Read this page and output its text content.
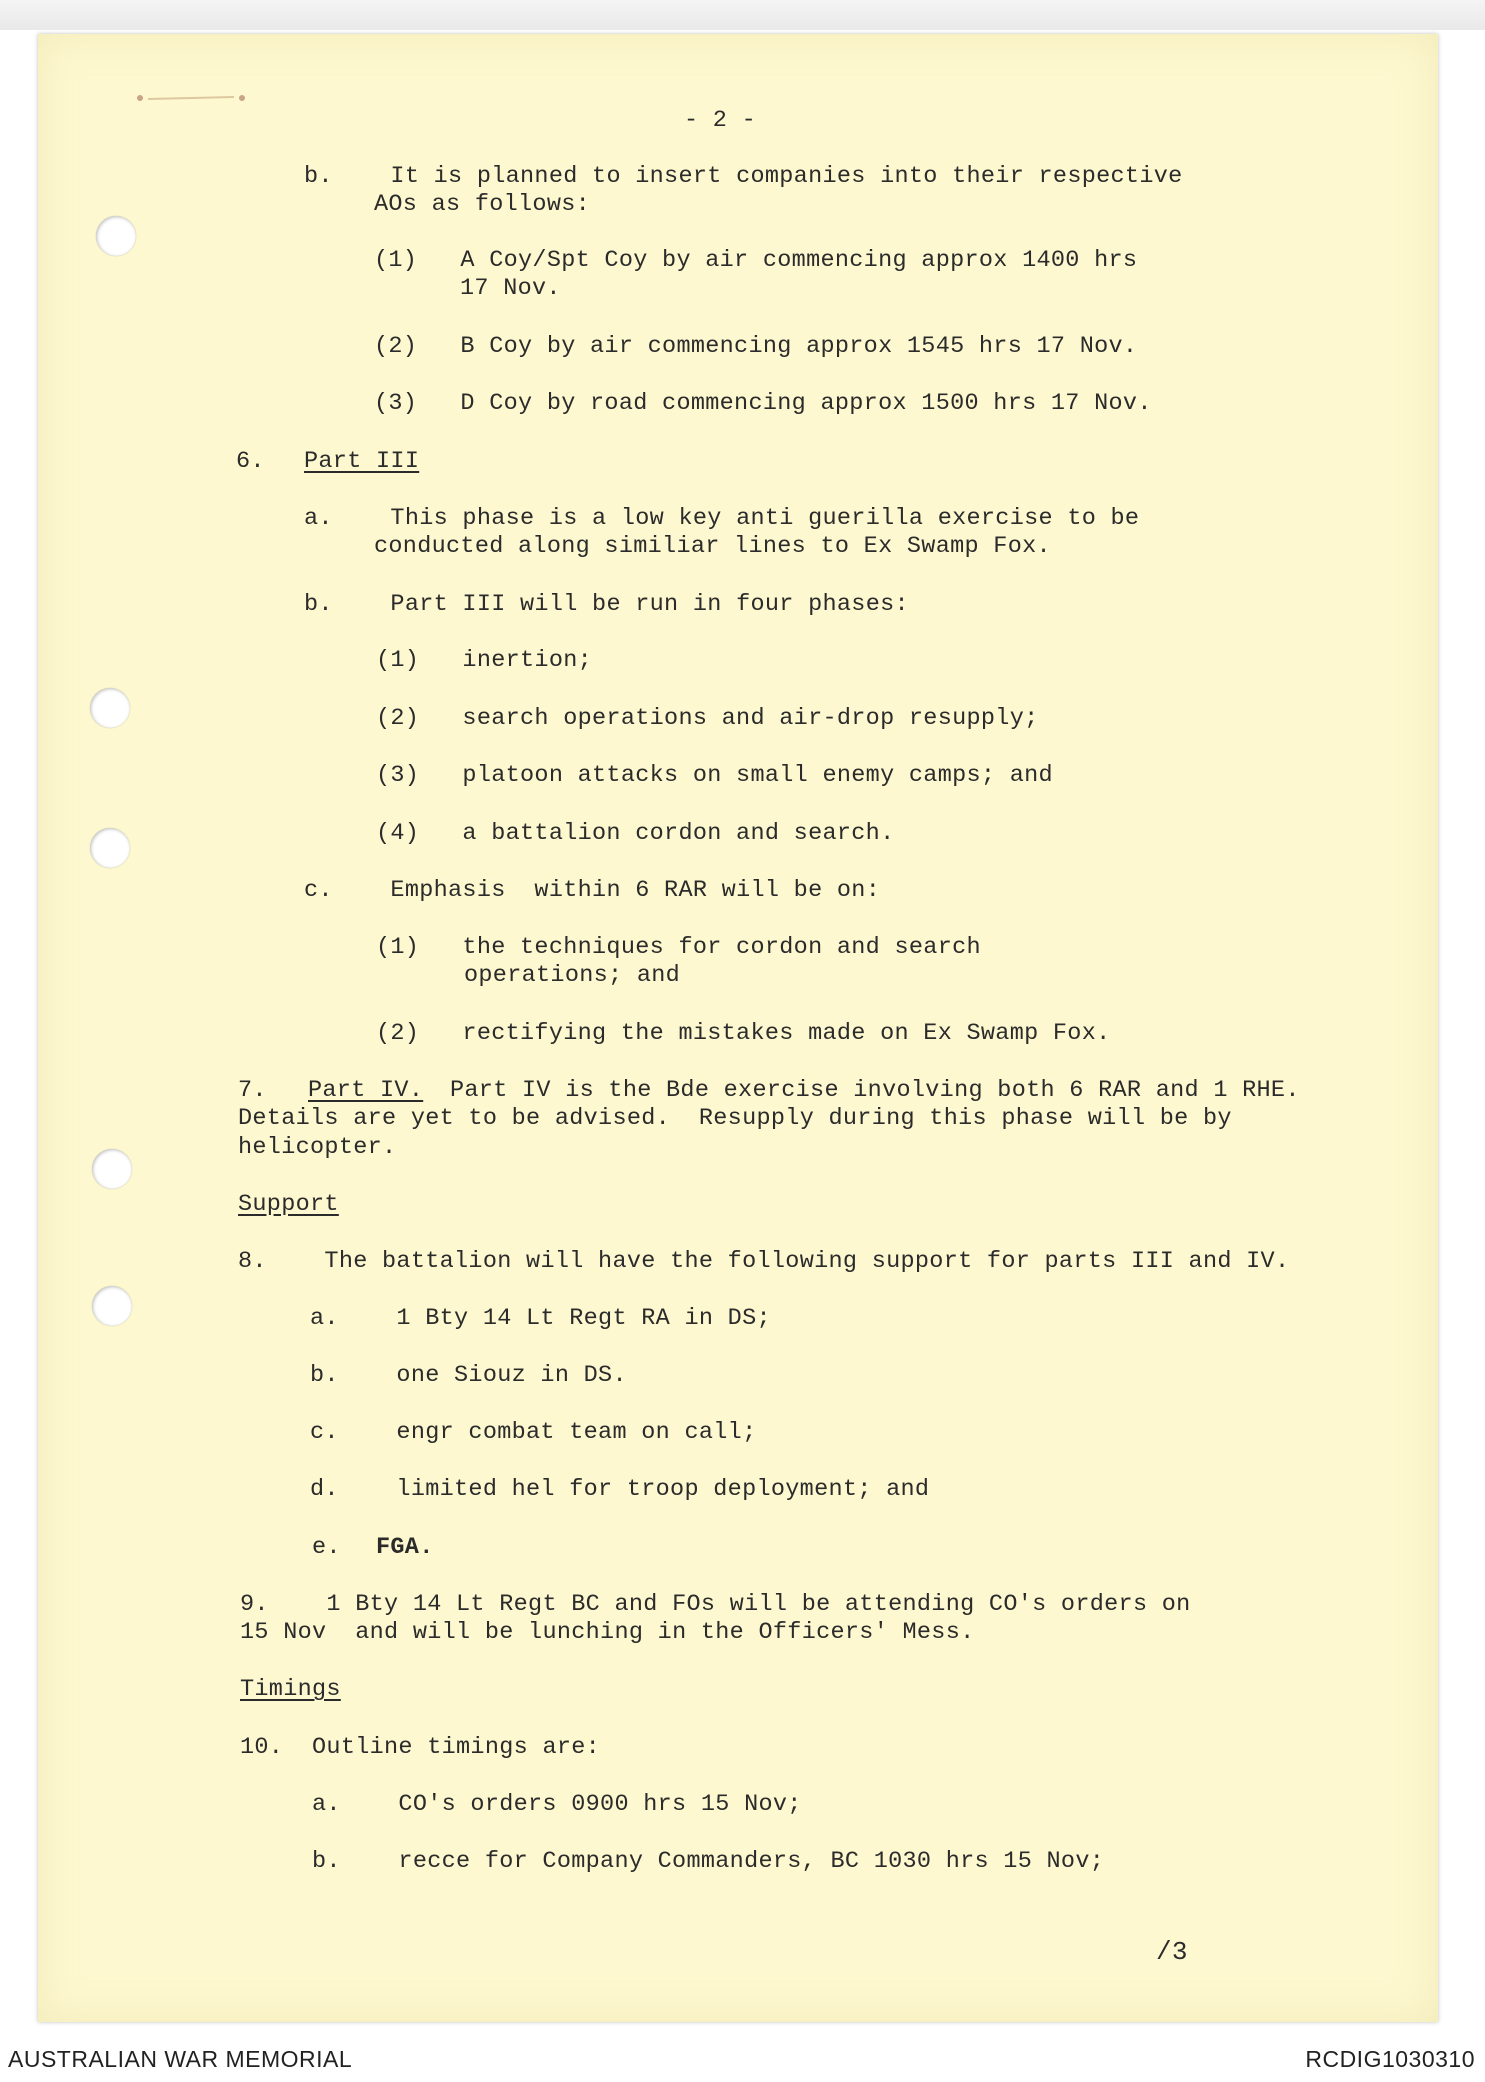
- 2 -

b.    It is planned to insert companies into their respective

AOs as follows:

(1)   A Coy/Spt Coy by air commencing approx 1400 hrs

17 Nov.

(2)   B Coy by air commencing approx 1545 hrs 17 Nov.

(3)   D Coy by road commencing approx 1500 hrs 17 Nov.

6. Part III

a.    This phase is a low key anti guerilla exercise to be

conducted along similiar lines to Ex Swamp Fox.

b.    Part III will be run in four phases:

(1)   inertion;

(2)   search operations and air-drop resupply;

(3)   platoon attacks on small enemy camps; and

(4)   a battalion cordon and search.

c.    Emphasis  within 6 RAR will be on:

(1)   the techniques for cordon and search

operations; and

(2)   rectifying the mistakes made on Ex Swamp Fox.

7. Part IV. Part IV is the Bde exercise involving both 6 RAR and 1 RHE.

Details are yet to be advised.  Resupply during this phase will be by

helicopter.

Support

8.    The battalion will have the following support for parts III and IV.

a.    1 Bty 14 Lt Regt RA in DS;

b.    one Siouz in DS.

c.    engr combat team on call;

d.    limited hel for troop deployment; and

e. FGA.

9.    1 Bty 14 Lt Regt BC and FOs will be attending CO's orders on

15 Nov  and will be lunching in the Officers' Mess.

Timings

10.  Outline timings are:

a.    CO's orders 0900 hrs 15 Nov;

b.    recce for Company Commanders, BC 1030 hrs 15 Nov;

/3

AUSTRALIAN WAR MEMORIAL	RCDIG1030310
